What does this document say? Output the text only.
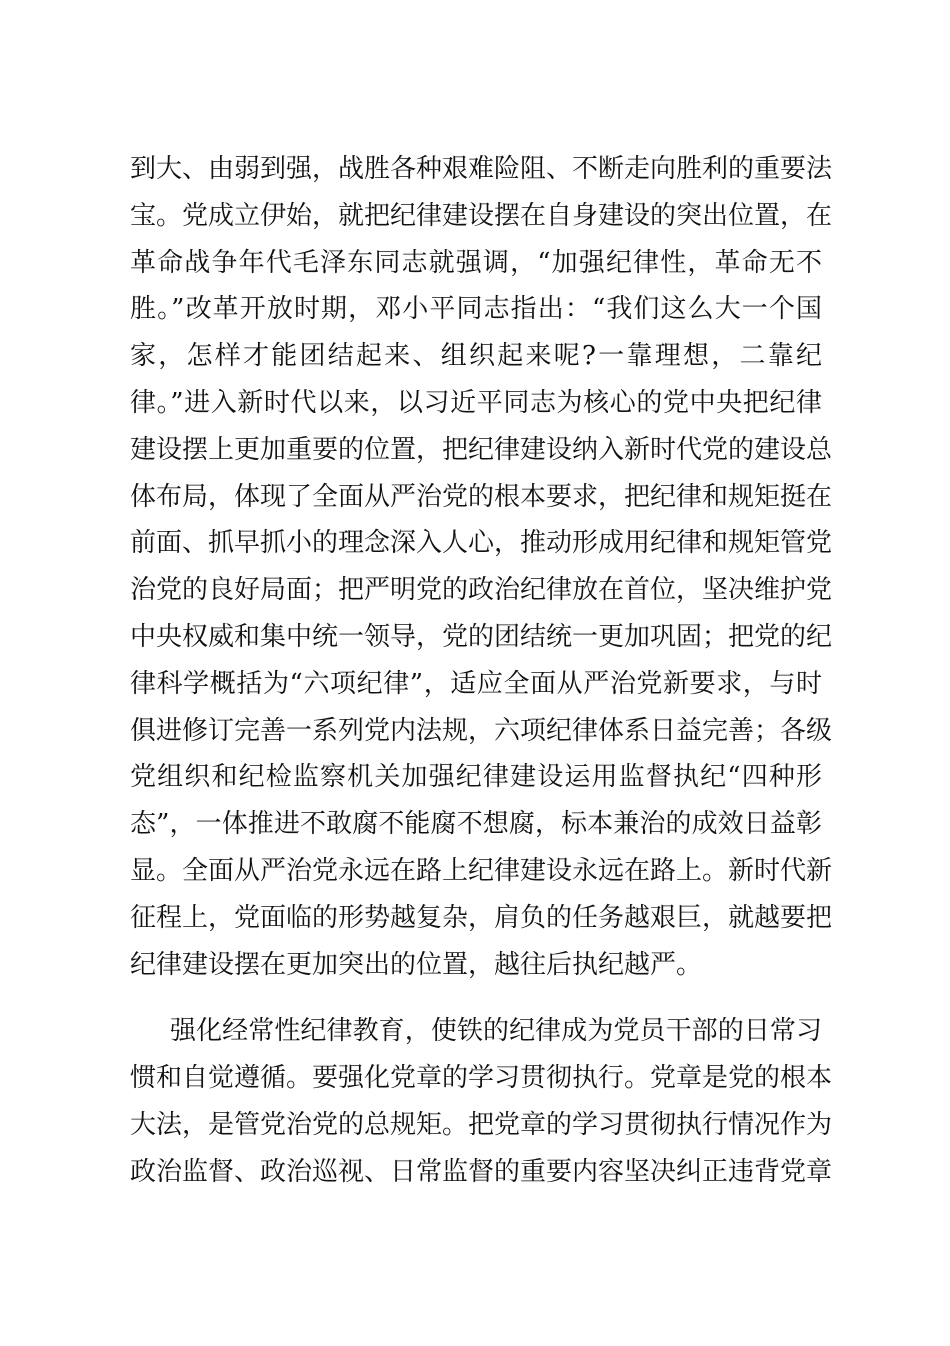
到大、由弱到强，战胜各种艰难险阻、不断走向胜利的重要法
宝。党成立伊始，就把纪律建设摆在自身建设的突出位置，在
革命战争年代毛泽东同志就强调，“加强纪律性，革命无不
胜。”改革开放时期，邓小平同志指出：“我们这么大一个国
家，怎样才能团结起来、组织起来呢?一靠理想，二靠纪
律。”进入新时代以来，以习近平同志为核心的党中央把纪律
建设摆上更加重要的位置，把纪律建设纳入新时代党的建设总
体布局，体现了全面从严治党的根本要求，把纪律和规矩挺在
前面、抓早抓小的理念深入人心，推动形成用纪律和规矩管党
治党的良好局面；把严明党的政治纪律放在首位，坚决维护党
中央权威和集中统一领导，党的团结统一更加巩固；把党的纪
律科学概括为“六项纪律”，适应全面从严治党新要求，与时
俱进修订完善一系列党内法规，六项纪律体系日益完善；各级
党组织和纪检监察机关加强纪律建设运用监督执纪“四种形
态”，一体推进不敢腐不能腐不想腐，标本兼治的成效日益彰
显。全面从严治党永远在路上纪律建设永远在路上。新时代新
征程上，党面临的形势越复杂，肩负的任务越艰巨，就越要把
纪律建设摆在更加突出的位置，越往后执纪越严。
强化经常性纪律教育，使铁的纪律成为党员干部的日常习
惯和自觉遵循。要强化党章的学习贯彻执行。党章是党的根本
大法，是管党治党的总规矩。把党章的学习贯彻执行情况作为
政治监督、政治巡视、日常监督的重要内容坚决纠正违背党章
